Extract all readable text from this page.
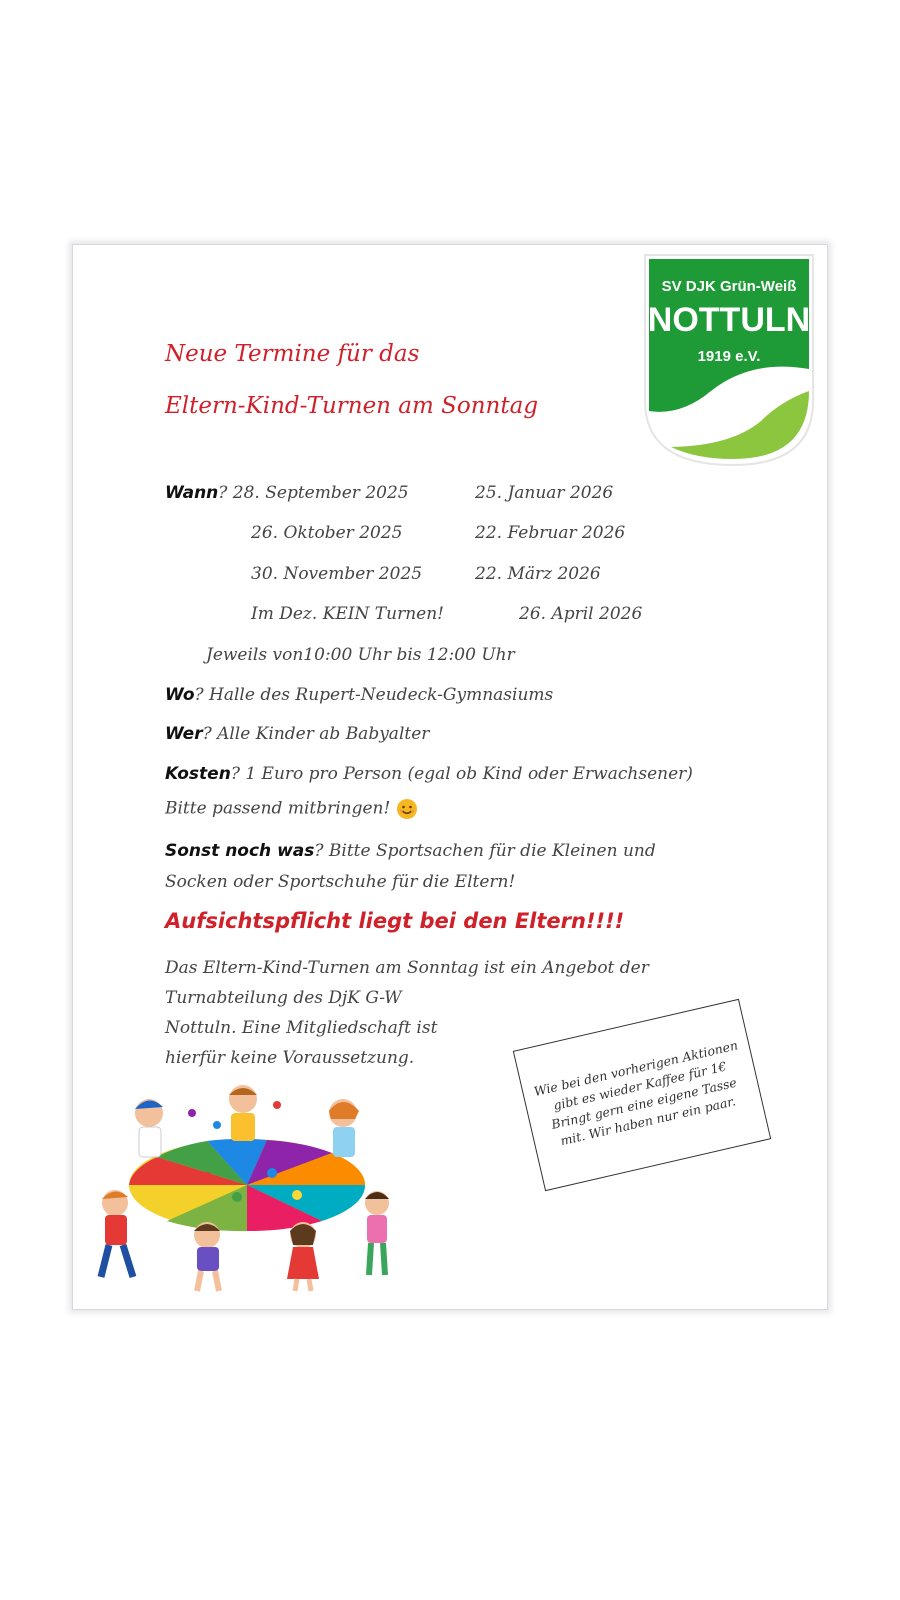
SV DJK Grün-Weiß
NOTTULN
1919 e.V.
Neue Termine für das
Eltern-Kind-Turnen am Sonntag
Wann? 28. September 2025
26. Oktober 2025
30. November 2025
Im Dez. KEIN Turnen!
25. Januar 2026
22. Februar 2026
22. März 2026
26. April 2026
Jeweils von10:00 Uhr bis 12:00 Uhr
Wo? Halle des Rupert-Neudeck-Gymnasiums
Wer? Alle Kinder ab Babyalter
Kosten? 1 Euro pro Person (egal ob Kind oder Erwachsener)
Bitte passend mitbringen!
Sonst noch was? Bitte Sportsachen für die Kleinen und
Socken oder Sportschuhe für die Eltern!
Aufsichtspflicht liegt bei den Eltern!!!!
Das Eltern-Kind-Turnen am Sonntag ist ein Angebot der
Turnabteilung des DjK G-W
Nottuln. Eine Mitgliedschaft ist
hierfür keine Voraussetzung.	Wie bei den vorherigen Aktionen gibt es wieder Kaffee für 1€ Bringt gern eine eigene Tasse mit. Wir haben nur ein paar.
